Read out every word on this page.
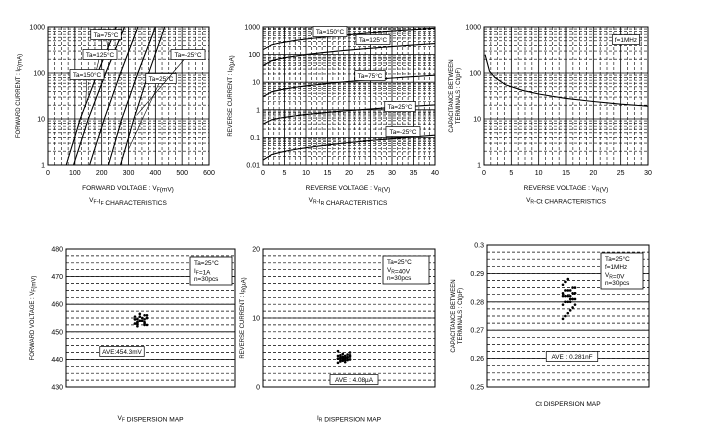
0	100 200 300 400 500 600
1
10
100
1000
Ta=25°C
Ta=125°C
Ta=150°C
Ta=75°C
Ta=-25°C
FORWARD VOLTAGE : $V_F(mV)$
$V_F-I_F$ CHARACTERISTICS
FORWARD CURRENT : $I_F(mA)$
0	5 10 15 20 25 30 35 40
0.01
0.1
1
10
100
1000
Ta=150°C
Ta=125°C
Ta=75°C
Ta=25°C
Ta=-25°C
REVERSE VOLTAGE : $V_R(V)$
$V_R-I_R$ CHARACTERISTICS
REVERSE CURRENT : $I_R(\mu A)$
0	5	10	15	20	25	30
1
10
100
1000
f=1MHz
REVERSE VOLTAGE : $V_R(V)$
$V_R-Ct$ CHARACTERISTICS
CAPACITANCE BETWEEN TERMINALS : Ct(pF)
430
440
450
460
470
480
Ta=25°C
$I_F=1A$
n=30pcs
AVE:454.3mV
$V_F$ DISPERSION MAP
FORWARD VOLTAGE : $V_F(mV)$
0
10
20
Ta=25°C
$V_R=40V$
n=30pcs
AVE : 4.08µA
$I_R$ DISPERSION MAP
REVERSE CURRENT : $I_R(\mu A)$
0.25
0.26
0.27
0.28
0.29
0.3
Ta=25°C
f=1MHz
$V_R=0V$
n=30pcs
AVE : 0.281nF
Ct DISPERSION MAP
CAPACITANCE BETWEEN TERMINALS : Ct(pF)
